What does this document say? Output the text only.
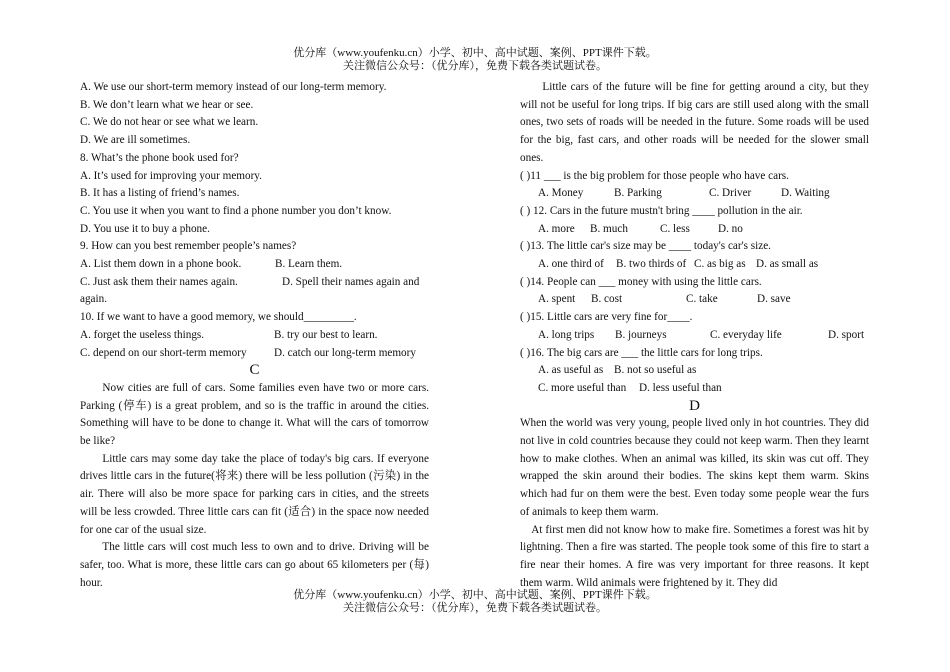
优分库（www.youfenku.cn）小学、初中、高中试题、案例、PPT课件下载。
关注微信公众号：（优分库），免费下载各类试题试卷。
A. We use our short-term memory instead of our long-term memory.
B. We don’t learn what we hear or see.
C. We do not hear or see what we learn.
D. We are ill sometimes.
8. What’s the phone book used for?
A. It’s used for improving your memory.
B. It has a listing of friend’s names.
C. You use it when you want to find a phone number you don’t know.
D. You use it to buy a phone.
9. How can you best remember people’s names?
A. List them down in a phone book.	B. Learn them.
C. Just ask them their names again.	D. Spell their names again and
again.
10. If we want to have a good memory, we should_________.
A. forget the useless things.	B. try our best to learn.
C. depend on our short-term memory	D. catch our long-term memory
C
Now cities are full of cars. Some families even have two or more cars. Parking (停车) is a great problem, and so is the traffic in around the cities. Something will have to be done to change it. What will the cars of tomorrow be like?
Little cars may some day take the place of today's big cars. If everyone drives little cars in the future(将来) there will be less pollution (污染) in the air. There will also be more space for parking cars in cities, and the streets will be less crowded. Three little cars can fit (适合) in the space now needed for one car of the usual size.
The little cars will cost much less to own and to drive. Driving will be safer, too. What is more, these little cars can go about 65 kilometers per (每) hour.
Little cars of the future will be fine for getting around a city, but they will not be useful for long trips. If big cars are still used along with the small ones, two sets of roads will be needed in the future. Some roads will be used for the big, fast cars, and other roads will be needed for the slower small ones.
( )11 ___ is the big problem for those people who have cars.
A. Money	B. Parking	C. Driver	D. Waiting
( ) 12. Cars in the future mustn't bring ____ pollution in the air.
A. more	B. much	C. less	D. no
( )13. The little car's size may be ____ today's car's size.
A. one third of	B. two thirds of C. as big as D. as small as
( )14. People can ___ money with using the little cars.
A. spent	B. cost	C. take	D. save
( )15. Little cars are very fine for____.
A. long trips	B. journeys	C. everyday life	D. sport
( )16. The big cars are ___ the little cars for long trips.
A. as useful as B. not so useful as
C. more useful than	D. less useful than
D
When the world was very young, people lived only in hot countries. They did not live in cold countries because they could not keep warm. Then they learnt how to make clothes. When an animal was killed, its skin was cut off. They wrapped the skin around their bodies. The skins kept them warm. Skins which had fur on them were the best. Even today some people wear the furs of animals to keep them warm.
At first men did not know how to make fire. Sometimes a forest was hit by lightning. Then a fire was started. The people took some of this fire to start a fire near their homes. A fire was very important for three reasons. It kept them warm. Wild animals were frightened by it. They did
优分库（www.youfenku.cn）小学、初中、高中试题、案例、PPT课件下载。
关注微信公众号：（优分库），免费下载各类试题试卷。
